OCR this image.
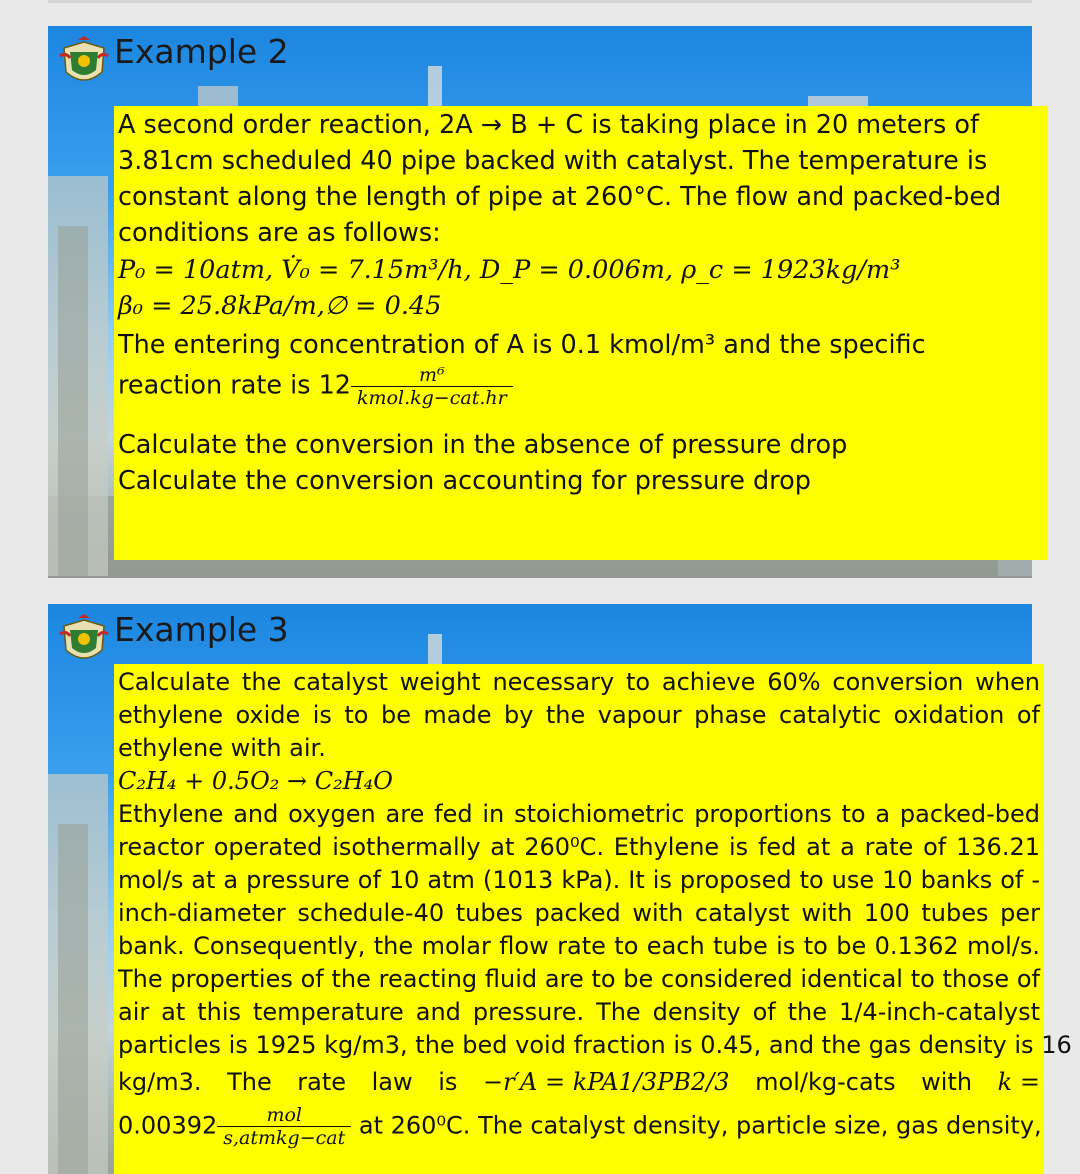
Example 2
A second order reaction, 2A → B + C is taking place in 20 meters of
3.81cm scheduled 40 pipe backed with catalyst. The temperature is
constant along the length of pipe at 260°C. The flow and packed-bed
conditions are as follows:
P₀ = 10atm, V̇₀ = 7.15m³/h, D_P = 0.006m, ρ_c = 1923kg/m³
β₀ = 25.8kPa/m,∅ = 0.45
The entering concentration of A is 0.1 kmol/m³ and the specific
reaction rate is $12 \frac{\text{m⁶}}{\text{kmol.kg−cat.hr}}$
Calculate the conversion in the absence of pressure drop
Calculate the conversion accounting for pressure drop
Example 3
Calculate the catalyst weight necessary to achieve 60% conversion when
ethylene oxide is to be made by the vapour phase catalytic oxidation of
ethylene with air.
C₂H₄ + 0.5O₂ → C₂H₄O
Ethylene and oxygen are fed in stoichiometric proportions to a packed-bed
reactor operated isothermally at 260⁰C. Ethylene is fed at a rate of 136.21
mol/s at a pressure of 10 atm (1013 kPa). It is proposed to use 10 banks of -
inch-diameter schedule-40 tubes packed with catalyst with 100 tubes per
bank. Consequently, the molar flow rate to each tube is to be 0.1362 mol/s.
The properties of the reacting fluid are to be considered identical to those of
air at this temperature and pressure. The density of the 1/4-inch-catalyst
particles is 1925 kg/m3, the bed void fraction is 0.45, and the gas density is 16
kg/m3. The rate law is −r′A = kPA1/3PB2/3 mol/kg-cats with k =
$0.00392 \frac{\text{mol}}{\text{s,atmkg−cat}}$ at 260⁰C. The catalyst density, particle size, gas density,
